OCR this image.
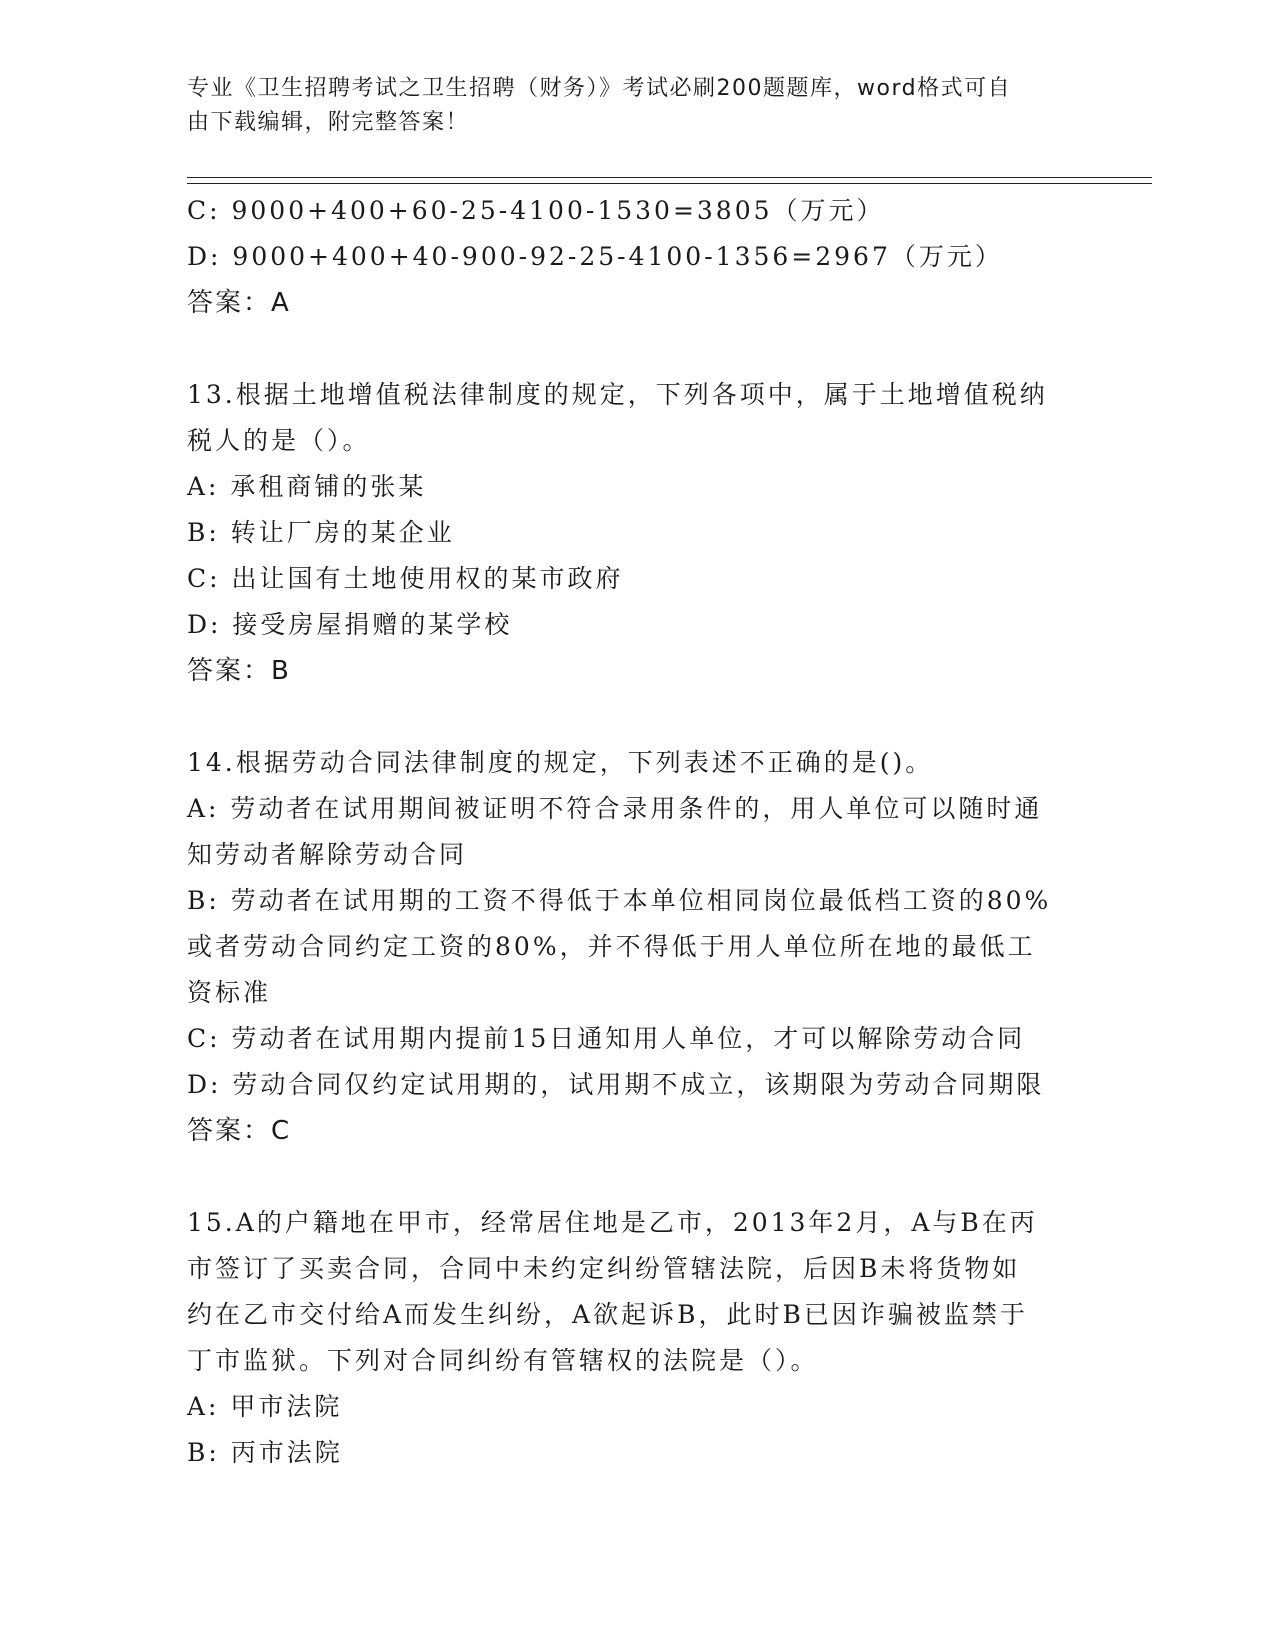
专业《卫生招聘考试之卫生招聘（财务）》考试必刷200题题库，word格式可自
由下载编辑，附完整答案！
C: 9000+400+60-25-4100-1530=3805（万元）
D: 9000+400+40-900-92-25-4100-1356=2967（万元）
答案：A
13.根据土地增值税法律制度的规定，下列各项中，属于土地增值税纳
税人的是（）。
A: 承租商铺的张某
B: 转让厂房的某企业
C: 出让国有土地使用权的某市政府
D: 接受房屋捐赠的某学校
答案：B
14.根据劳动合同法律制度的规定，下列表述不正确的是()。
A: 劳动者在试用期间被证明不符合录用条件的，用人单位可以随时通
知劳动者解除劳动合同
B: 劳动者在试用期的工资不得低于本单位相同岗位最低档工资的80%
或者劳动合同约定工资的80%，并不得低于用人单位所在地的最低工
资标准
C: 劳动者在试用期内提前15日通知用人单位，才可以解除劳动合同
D: 劳动合同仅约定试用期的，试用期不成立，该期限为劳动合同期限
答案：C
15.A的户籍地在甲市，经常居住地是乙市，2013年2月，A与B在丙
市签订了买卖合同，合同中未约定纠纷管辖法院，后因B未将货物如
约在乙市交付给A而发生纠纷，A欲起诉B，此时B已因诈骗被监禁于
丁市监狱。下列对合同纠纷有管辖权的法院是（）。
A: 甲市法院
B: 丙市法院
